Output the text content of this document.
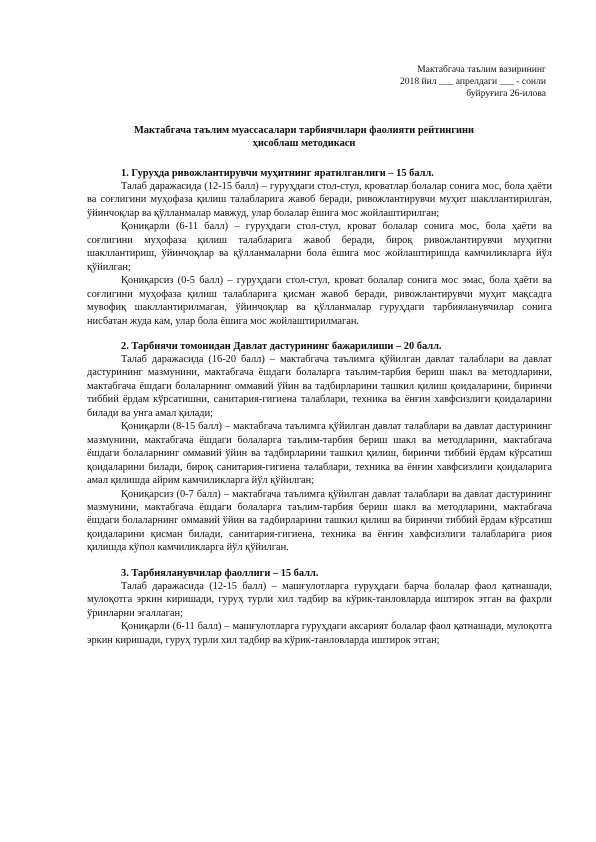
Мактабгача таълим вазирининг
2018 йил ___ апрелдаги ___ - сонли
буйруғига 26-илова
Мактабгача таълим муассасалари тарбиячилари фаолияти рейтингини
ҳисоблаш методикаси
1. Гуруҳда ривожлантирувчи муҳитнинг яратилганлиги – 15 балл.

Талаб даражасида (12-15 балл) – гуруҳдаги стол-стул, кроватлар болалар сонига мос, бола ҳаёти ва соғлигини муҳофаза қилиш талабларига жавоб беради, ривожлантирувчи муҳит шакллантирилган, ўйинчоқлар ва қўлланмалар мавжуд, улар болалар ёшига мос жойлаштирилган;

Қониқарли (6-11 балл) – гуруҳдаги стол-стул, кроват болалар сонига мос, бола ҳаёти ва соғлигини муҳофаза қилиш талабларига жавоб беради, бироқ ривожлантирувчи муҳитни шакллантириш, ўйинчоқлар ва қўлланмаларни бола ёшига мос жойлаштиришда камчиликларга йўл қўйилган;

Қониқарсиз (0-5 балл) – гуруҳдаги стол-стул, кроват болалар сонига мос эмас, бола ҳаёти ва соғлигини муҳофаза қилиш талабларига қисман жавоб беради, ривожлантирувчи муҳит мақсадга мувофиқ шакллантирилмаган, ўйинчоқлар ва қўлланмалар гуруҳдаги тарбияланувчилар сонига нисбатан жуда кам, улар бола ёшига мос жойлаштирилмаган.

2. Тарбиячи томонидан Давлат дастурининг бажарилиши – 20 балл.

Талаб даражасида (16-20 балл) – мактабгача таълимга қўйилган давлат талаблари ва давлат дастурининг мазмунини, мактабгача ёшдаги болаларга таълим-тарбия бериш шакл ва методларини, мактабгача ёшдаги болаларнинг оммавий ўйин ва тадбирларини ташкил қилиш қоидаларини, биринчи тиббий ёрдам кўрсатишни, санитария-гигиена талаблари, техника ва ёнғин хавфсизлиги қоидаларини билади ва унга амал қилади;

Қониқарли (8-15 балл) – мактабгача таълимга қўйилган давлат талаблари ва давлат дастурининг мазмунини, мактабгача ёшдаги болаларга таълим-тарбия бериш шакл ва методларини, мактабгача ёшдаги болаларнинг оммавий ўйин ва тадбирларини ташкил қилиш, биринчи тиббий ёрдам кўрсатиш қоидаларини билади, бироқ санитария-гигиена талаблари, техника ва ёнғин хавфсизлиги қоидаларига амал қилишда айрим камчиликларга йўл қўйилган;

Қониқарсиз (0-7 балл) – мактабгача таълимга қўйилган давлат талаблари ва давлат дастурининг мазмунини, мактабгача ёшдаги болаларга таълим-тарбия бериш шакл ва методларини, мактабгача ёшдаги болаларнинг оммавий ўйин ва тадбирларини ташкил қилиш ва биринчи тиббий ёрдам кўрсатиш қоидаларини қисман билади, санитария-гигиена, техника ва ёнғин хавфсизлиги талабларига риоя қилишда кўпол камчиликларга йўл қўйилган.

3. Тарбияланувчилар фаоллиги – 15 балл.

Талаб даражасида (12-15 балл) – машғулотларга гуруҳдаги барча болалар фаол қатнашади, мулоқотга эркин киришади, гуруҳ турли хил тадбир ва кўрик-танловларда иштирок этган ва фахрли ўринларни эгаллаган;

Қониқарли (6-11 балл) – машғулотларга гуруҳдаги аксарият болалар фаол қатнашади, мулоқотга эркин киришади, гуруҳ турли хил тадбир ва кўрик-танловларда иштирок этган;
